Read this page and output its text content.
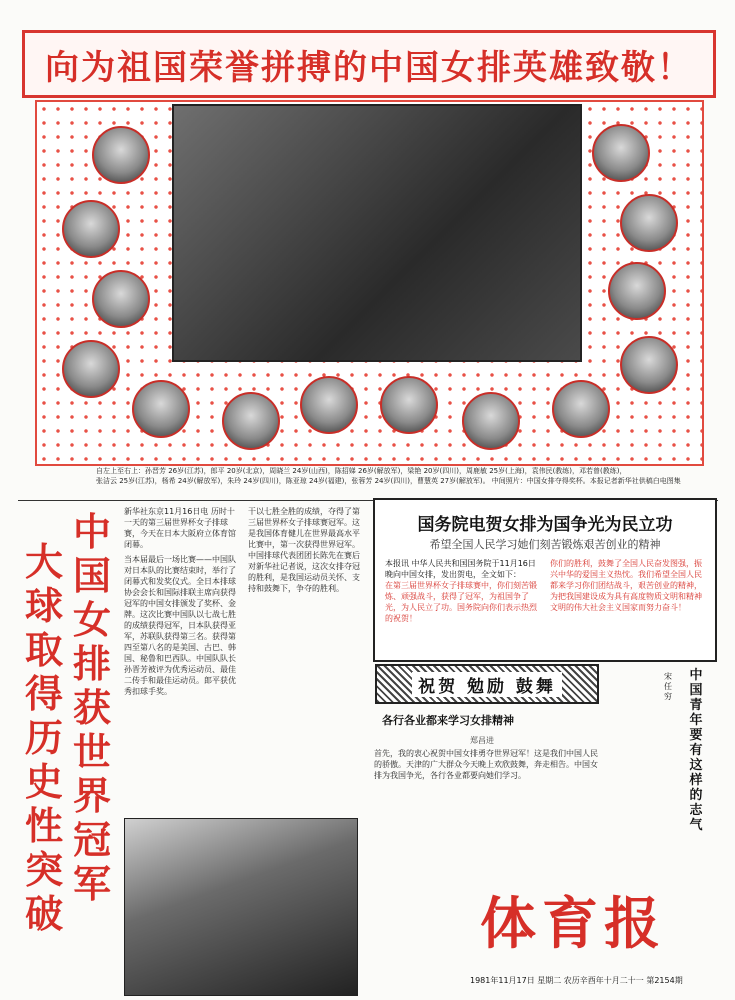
向为祖国荣誉拼搏的中国女排英雄致敬！
自左上至右上：孙晋芳 26岁(江苏)，郎平 20岁(北京)，周晓兰 24岁(山西)，陈招娣 26岁(解放军)，梁艳 20岁(四川)，周鹿敏 25岁(上海)，袁伟民(教练)，邓若曾(教练)，
张洁云 25岁(江苏)，杨希 24岁(解放军)，朱玲 24岁(四川)，陈亚琼 24岁(福建)，张蓉芳 24岁(四川)，曹慧英 27岁(解放军)。 中间照片：中国女排夺得奖杯。本报记者新华社供稿白电图集
中国女排获世界冠军
大球取得历史性突破
新华社东京11月16日电 历时十一天的第三届世界杯女子排球赛，今天在日本大阪府立体育馆闭幕。
当本届最后一场比赛——中国队对日本队的比赛结束时，举行了闭幕式和发奖仪式。全日本排球协会会长和国际排联主席向获得冠军的中国女排颁发了奖杯、金牌。这次比赛中国队以七战七胜的成绩获得冠军，日本队获得亚军，苏联队获得第三名。获得第四至第八名的是美国、古巴、韩国、秘鲁和巴西队。中国队队长孙晋芳被评为优秀运动员、最佳二传手和最佳运动员。郎平获优秀扣球手奖。
干以七胜全胜的成绩，夺得了第三届世界杯女子排球赛冠军。这是我国体育健儿在世界最高水平比赛中，第一次获得世界冠军。中国排球代表团团长陈先在赛后对新华社记者说，这次女排夺冠的胜利，是我国运动员关怀、支持和鼓舞下，争夺的胜利。
国务院电贺女排为国争光为民立功
希望全国人民学习她们刻苦锻炼艰苦创业的精神
本报讯 中华人民共和国国务院于11月16日晚向中国女排，发出贺电，全文如下：
在第三届世界杯女子排球赛中，你们刻苦锻炼、顽强战斗，获得了冠军，为祖国争了光，为人民立了功。国务院向你们表示热烈的祝贺！
你们的胜利，鼓舞了全国人民奋发图强，振兴中华的爱国主义热忱。我们希望全国人民都来学习你们团结战斗，艰苦创业的精神，为把我国建设成为具有高度物质文明和精神文明的伟大社会主义国家而努力奋斗！
祝贺 勉励 鼓舞
各行各业都来学习女排精神
郑昌进
首先，我的衷心祝贺中国女排勇夺世界冠军！这是我们中国人民的骄傲。天津的广大群众今天晚上欢欣鼓舞，奔走相告。中国女排为我国争光，各行各业都要向她们学习。
中国青年要有这样的志气
宋任穷
体育报
1981年11月17日 星期二 农历辛酉年十月二十一 第2154期
